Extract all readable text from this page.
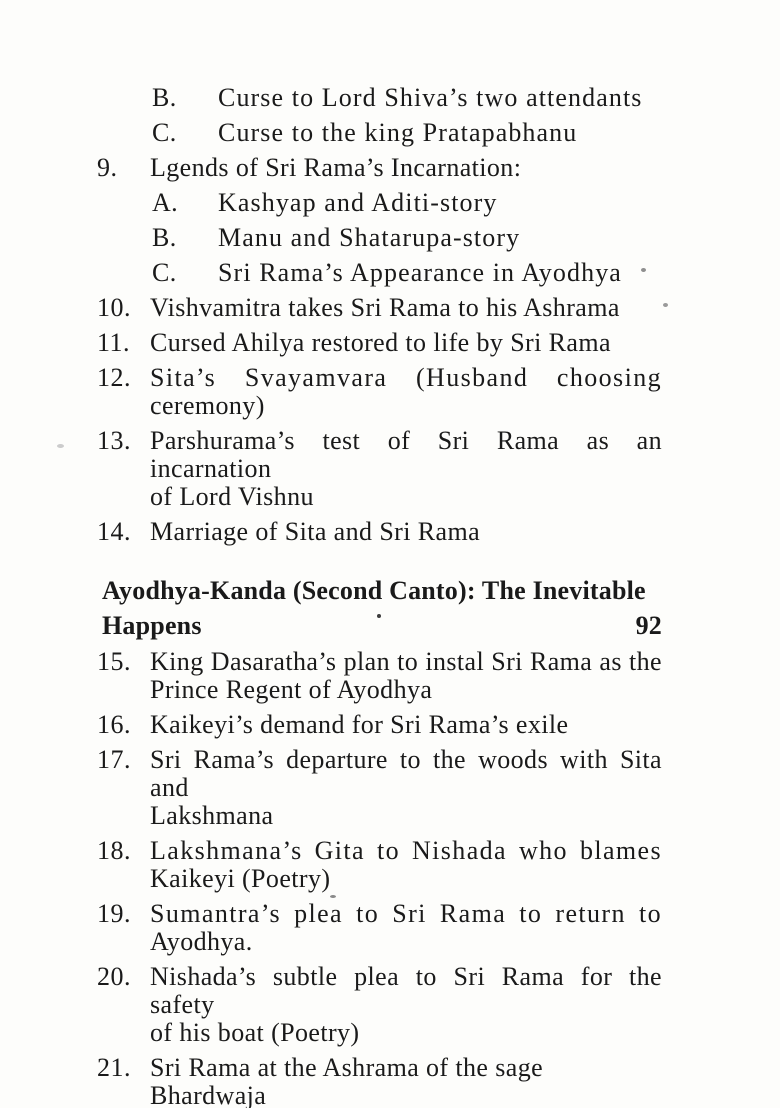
B.	Curse to Lord Shiva’s two attendants
C.	Curse to the king Pratapabhanu
9.	Lgends of Sri Rama’s Incarnation:
A.	Kashyap and Aditi-story
B.	Manu and Shatarupa-story
C.	Sri Rama’s Appearance in Ayodhya
10. Vishvamitra takes Sri Rama to his Ashrama
11. Cursed Ahilya restored to life by Sri Rama
12. Sita’s Svayamvara (Husband choosing
ceremony)
13. Parshurama’s test of Sri Rama as an incarnation
of Lord Vishnu
14. Marriage of Sita and Sri Rama
Ayodhya-Kanda (Second Canto): The Inevitable
Happens	92
15. King Dasaratha’s plan to instal Sri Rama as the
Prince Regent of Ayodhya
16. Kaikeyi’s demand for Sri Rama’s exile
17. Sri Rama’s departure to the woods with Sita and
Lakshmana
18. Lakshmana’s Gita to Nishada who blames
Kaikeyi (Poetry)
19. Sumantra’s plea to Sri Rama to return to
Ayodhya.
20. Nishada’s subtle plea to Sri Rama for the safety
of his boat (Poetry)
21. Sri Rama at the Ashrama of the sage Bhardwaja
